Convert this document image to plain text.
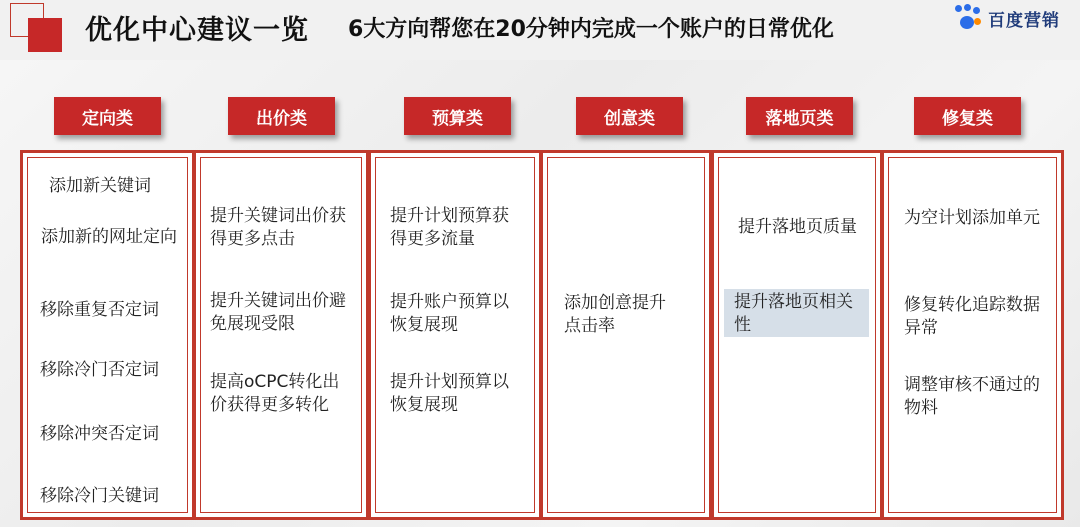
优化中心建议一览 6大方向帮您在20分钟内完成一个账户的日常优化	百度营销
定向类	出价类	预算类	创意类	落地页类	修复类
添加新关键词
添加新的网址定向
移除重复否定词
移除冷门否定词
移除冲突否定词
移除冷门关键词
提升关键词出价获得更多点击
提升关键词出价避免展现受限
提高oCPC转化出价获得更多转化
提升计划预算获得更多流量
提升账户预算以恢复展现
提升计划预算以恢复展现
添加创意提升点击率
提升落地页质量
提升落地页相关性
为空计划添加单元
修复转化追踪数据异常
调整审核不通过的物料
